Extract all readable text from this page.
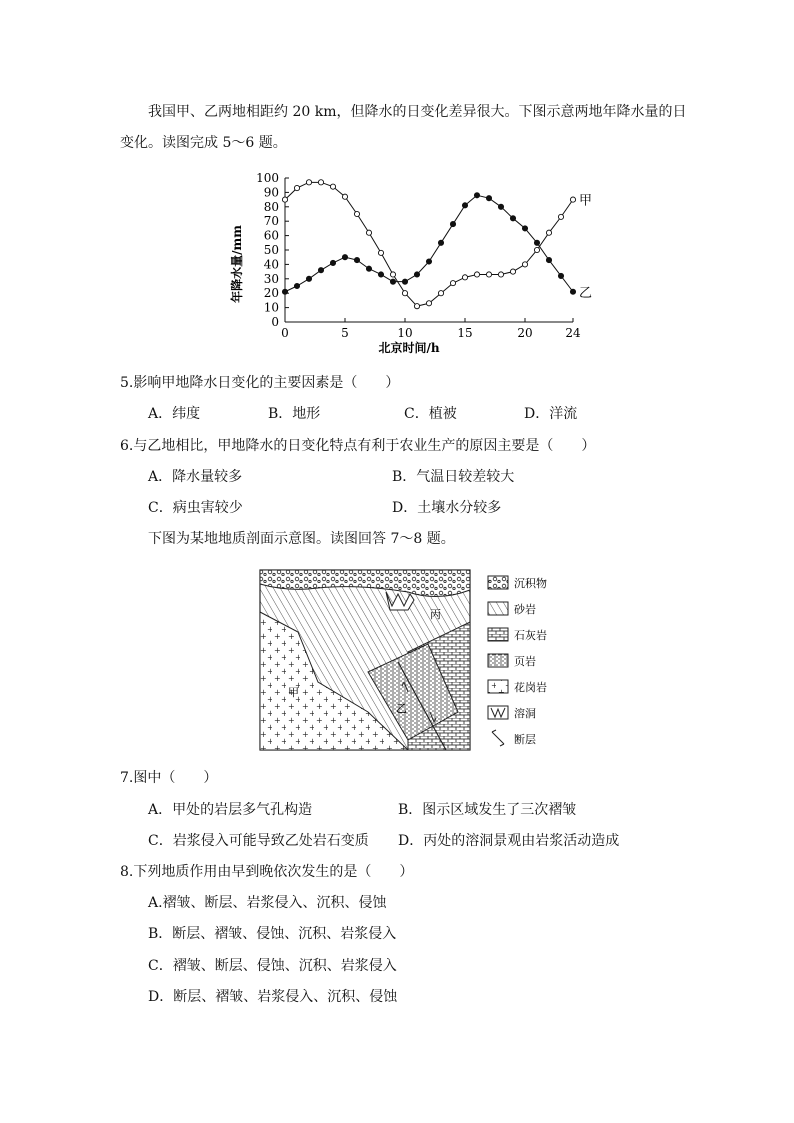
我国甲、乙两地相距约 20 km，但降水的日变化差异很大。下图示意两地年降水量的日
变化。读图完成 5～6 题。
0
10
20
30
40
50
60
70
80
90
100
0	5	10	15	20	24
甲
乙
年降水量/mm
北京时间/h
5.影响甲地降水日变化的主要因素是（　　）
A．纬度	B．地形	C．植被	D．洋流
6.与乙地相比，甲地降水的日变化特点有利于农业生产的原因主要是（　　）
A．降水量较多	B．气温日较差较大
C．病虫害较少	D．土壤水分较多
下图为某地地质剖面示意图。读图回答 7～8 题。
甲
乙
丙
沉积物
砂岩
石灰岩
页岩
花岗岩
溶洞
断层
7.图中（　　）
A．甲处的岩层多气孔构造	B．图示区域发生了三次褶皱
C．岩浆侵入可能导致乙处岩石变质 D．丙处的溶洞景观由岩浆活动造成
8.下列地质作用由早到晚依次发生的是（　　）
A.褶皱、断层、岩浆侵入、沉积、侵蚀
B．断层、褶皱、侵蚀、沉积、岩浆侵入
C．褶皱、断层、侵蚀、沉积、岩浆侵入
D．断层、褶皱、岩浆侵入、沉积、侵蚀
